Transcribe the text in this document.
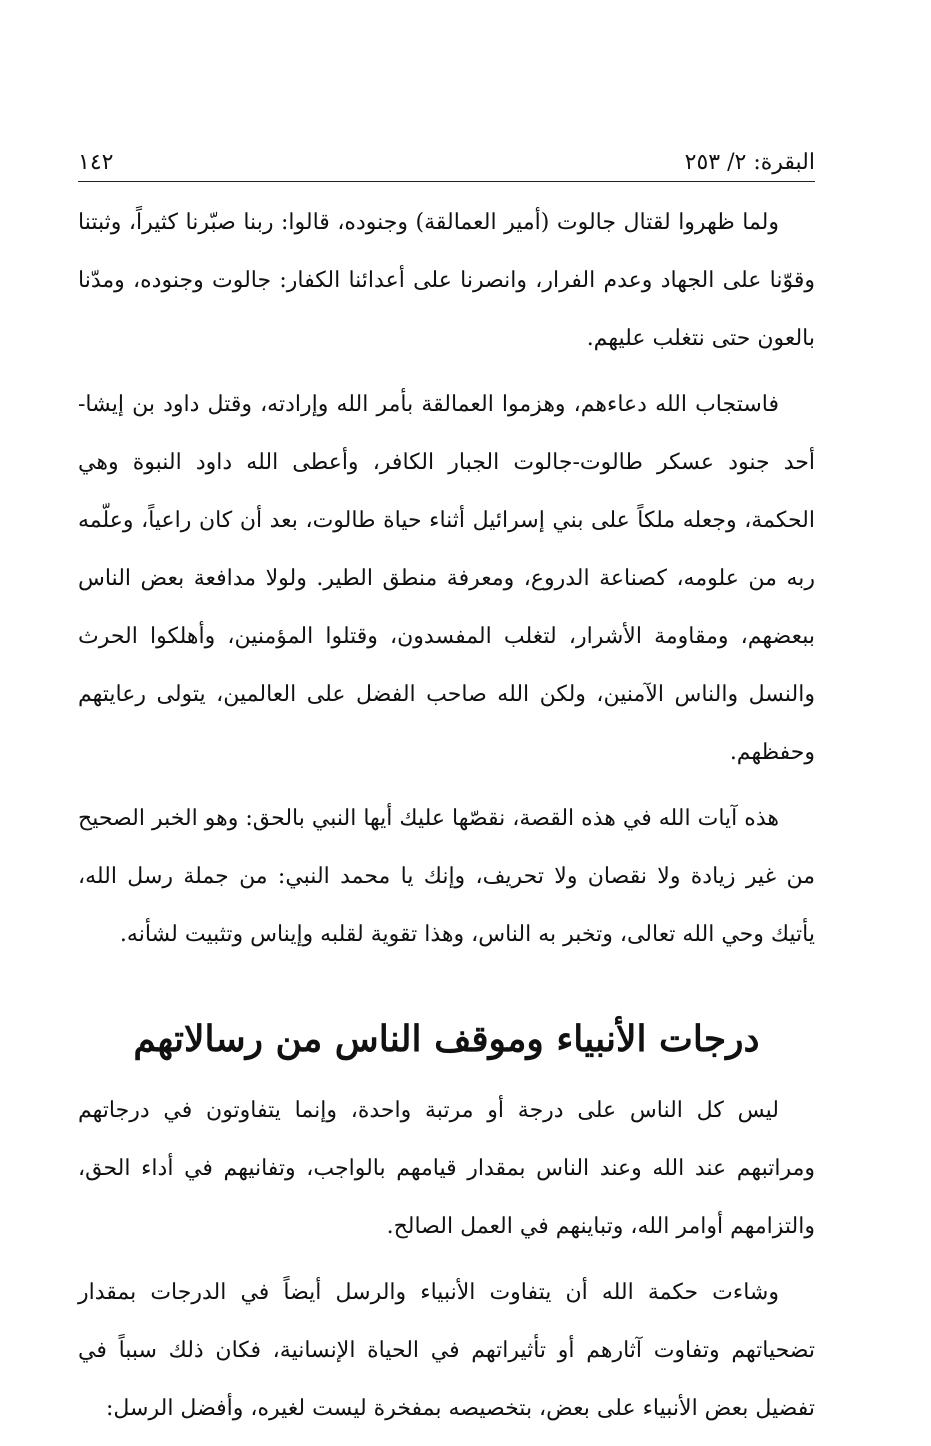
البقرة: ٢/ ٢٥٣
١٤٢

ولما ظهروا لقتال جالوت (أمير العمالقة) وجنوده، قالوا: ربنا صبّرنا كثيراً، وثبتنا وقوّنا على الجهاد وعدم الفرار، وانصرنا على أعدائنا الكفار: جالوت وجنوده، ومدّنا بالعون حتى نتغلب عليهم.

فاستجاب الله دعاءهم، وهزموا العمالقة بأمر الله وإرادته، وقتل داود بن إيشا- أحد جنود عسكر طالوت-جالوت الجبار الكافر، وأعطى الله داود النبوة وهي الحكمة، وجعله ملكاً على بني إسرائيل أثناء حياة طالوت، بعد أن كان راعياً، وعلّمه ربه من علومه، كصناعة الدروع، ومعرفة منطق الطير. ولولا مدافعة بعض الناس ببعضهم، ومقاومة الأشرار، لتغلب المفسدون، وقتلوا المؤمنين، وأهلكوا الحرث والنسل والناس الآمنين، ولكن الله صاحب الفضل على العالمين، يتولى رعايتهم وحفظهم.

هذه آيات الله في هذه القصة، نقصّها عليك أيها النبي بالحق: وهو الخبر الصحيح من غير زيادة ولا نقصان ولا تحريف، وإنك يا محمد النبي: من جملة رسل الله، يأتيك وحي الله تعالى، وتخبر به الناس، وهذا تقوية لقلبه وإيناس وتثبيت لشأنه.

درجات الأنبياء وموقف الناس من رسالاتهم

ليس كل الناس على درجة أو مرتبة واحدة، وإنما يتفاوتون في درجاتهم ومراتبهم عند الله وعند الناس بمقدار قيامهم بالواجب، وتفانيهم في أداء الحق، والتزامهم أوامر الله، وتباينهم في العمل الصالح.

وشاءت حكمة الله أن يتفاوت الأنبياء والرسل أيضاً في الدرجات بمقدار تضحياتهم وتفاوت آثارهم أو تأثيراتهم في الحياة الإنسانية، فكان ذلك سبباً في تفضيل بعض الأنبياء على بعض، بتخصيصه بمفخرة ليست لغيره، وأفضل الرسل:
